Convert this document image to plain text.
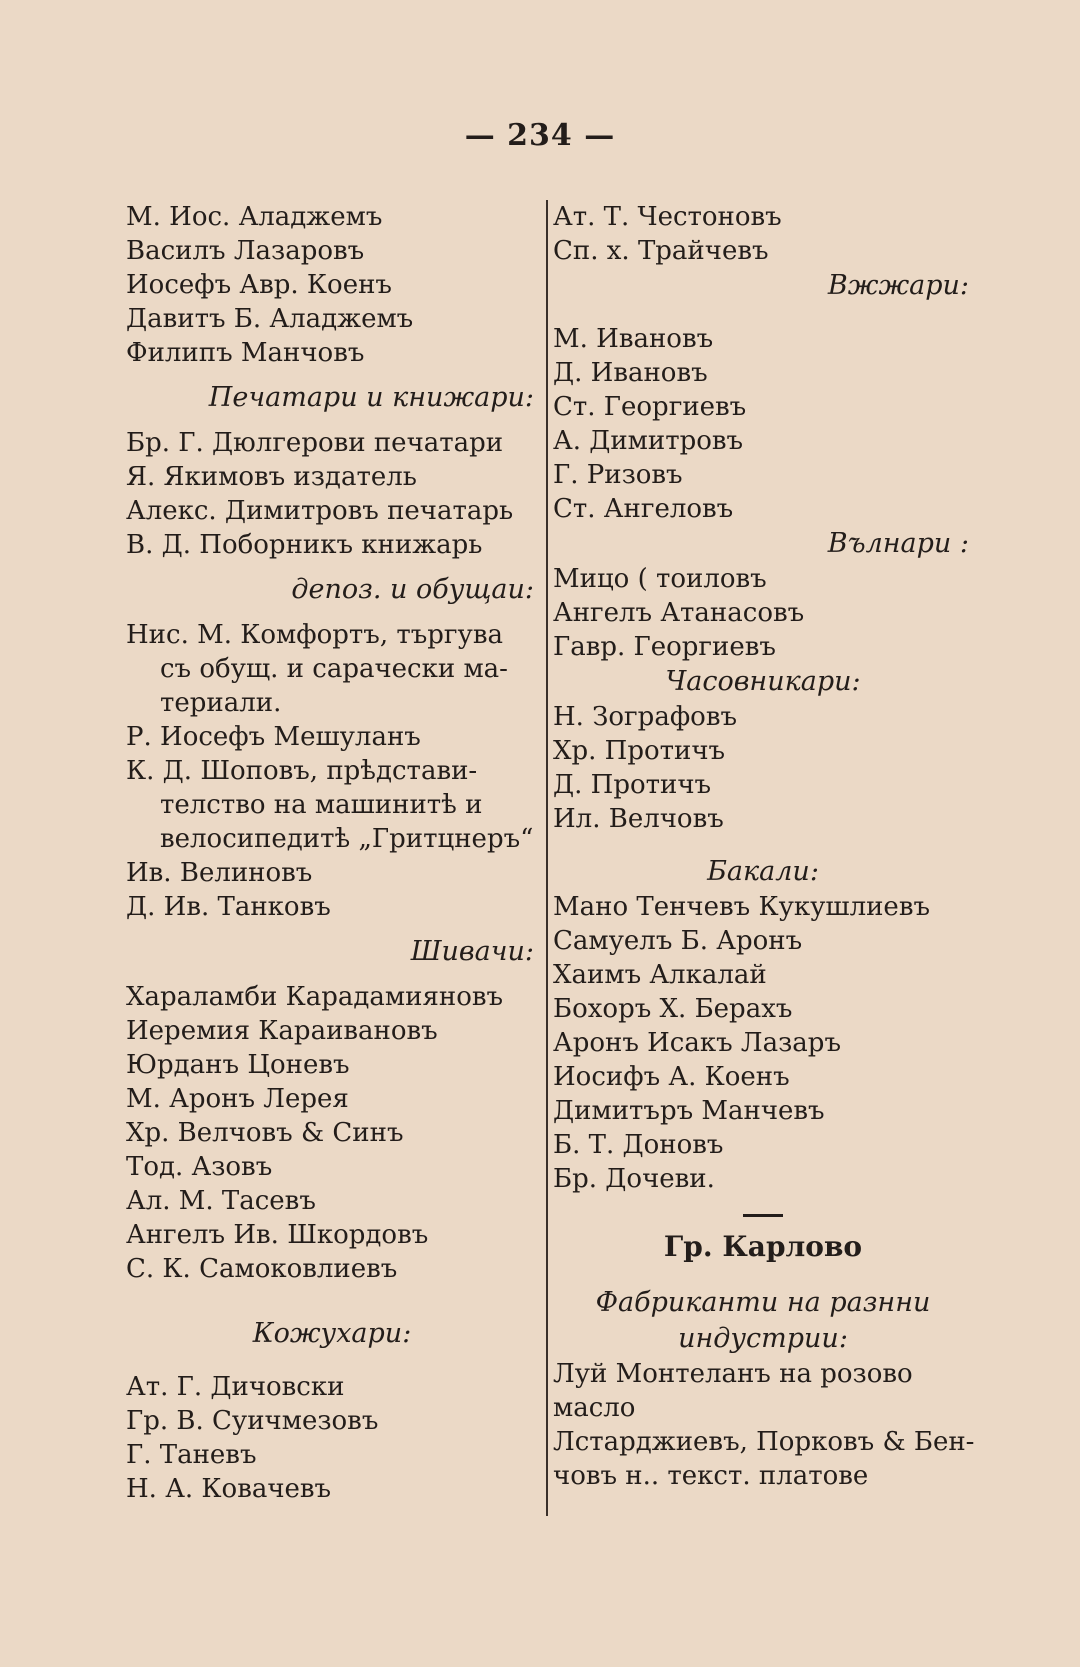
— 234 —
М. Иос. Аладжемъ
Василъ Лазаровъ
Иосефъ Авр. Коенъ
Давитъ Б. Аладжемъ
Филипъ Манчовъ
Печатари и книжари:
Бр. Г. Дюлгерови печатари
Я. Якимовъ издатель
Алекс. Димитровъ печатарь
В. Д. Поборникъ книжарь
депоз. и обущаи:
Нис. М. Комфортъ, търгува
съ обущ. и сарачески ма-
териали.
Р. Иосефъ Мешуланъ
К. Д. Шоповъ, прѣдстави-
телство на машинитѣ и
велосипедитѣ „Гритцнеръ“
Ив. Велиновъ
Д. Ив. Танковъ
Шивачи:
Хараламби Карадамияновъ
Иеремия Караивановъ
Юрданъ Цоневъ
М. Аронъ Лерея
Хр. Велчовъ & Синъ
Тод. Азовъ
Ал. М. Тасевъ
Ангелъ Ив. Шкордовъ
С. К. Самоковлиевъ
Кожухари:
Ат. Г. Дичовски
Гр. В. Суичмезовъ
Г. Таневъ
Н. А. Ковачевъ
Ат. Т. Честоновъ
Сп. х. Трайчевъ
Вжжари:
М. Ивановъ
Д. Ивановъ
Ст. Георгиевъ
А. Димитровъ
Г. Ризовъ
Ст. Ангеловъ
Вълнари :
Мицо ( тоиловъ
Ангелъ Атанасовъ
Гавр. Георгиевъ
Часовникари:
Н. Зографовъ
Хр. Протичъ
Д. Протичъ
Ил. Велчовъ
Бакали:
Мано Тенчевъ Кукушлиевъ
Самуелъ Б. Аронъ
Хаимъ Алкалай
Бохоръ Х. Берахъ
Аронъ Исакъ Лазаръ
Иосифъ А. Коенъ
Димитъръ Манчевъ
Б. Т. Доновъ
Бр. Дочеви.
Гр. Карлово
Фабриканти на разнни
индустрии:
Луй Монтеланъ на розово
масло
Лстарджиевъ, Порковъ & Бен-
човъ н.. текст. платове
